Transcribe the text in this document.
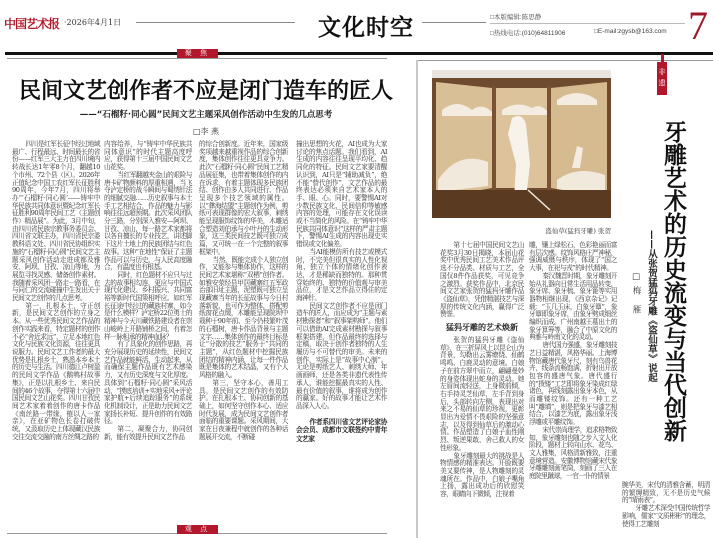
中国艺术报 ·2026年4月1日	文化时空	□本版编辑:陈思静
□热线电话:(010)64811906	□E-mail:zgysb@163.com 7
聚 焦
民间文艺创作者不应是闭门造车的匠人
——“石榴籽·同心圆”民间文艺主题采风创作活动中生发的几点思考
□李 燕

四川是红军长征中经过地域最广、行程最远、时间最长的省份——红军三大主力在四川境内转战长达1年零8个月，翻越10个市州、72个县（区）。2026年正值纪念中国工农红军长征胜利90周年，今年7月，四川将举办“‘石榴籽·同心圆’——铸牢中华民族共同体意识暨纪念红军长征胜利90周年民间工艺（主题创作）精品展”。为此，3月中旬，由四川省民族宗教事务委员会、四川省文联主办，四川省民宗委教科语文处、四川省民协组织实施的“石榴籽·同心圆”民间文艺主题采风创作活动走进成都及雅安、阿坝、甘孜、凉山等地，为展览寻找灵感、储备创作素材。我随着采风团一路走一路看，在与同仁的交流碰撞中生发出关于民间文艺创作的几点思考。

第一，扎根本土，守正创新，是民间文艺创作的立身之本。从一些优秀民间文艺作品的创作实践来看，特定题材的创作不必“舍近求远”，立足本地红色文化与民族文化资源，往往更具说服力。民间文艺工作者的最大优势是扎根乡土，熟悉本乡本土的历史与生活。四川德江卢树盈的民间文学作品《鹅鸭村故事集》，正是以扎根乡土、来自民间的46个故事，夺得第十六届中国民间文艺山花奖。四川甘孜民间艺术家着着创作的唐卡作品《南丝路一带缘，植以人一家亲》，在亚矿物色长卷打破传统，又汲取历史上体现藏汉民族交往交流交融的南方丝绸之路的

内容给养，与“铸牢中华民族共同体意识”的时代主题高度呼应，获得第十三届中国民间文艺山花奖。

当红军翻越夹金山的艰险与唐卡矿物颜料的厚重相遇，当飞夺泸定桥的战斗瞬间与蜀绣针法的细腻交融……历史叙事与本土手工艺相结合，作品的魅力与影响往往远超预期。此次采风团队分三路，分别深入雅安—阿坝、甘孜、凉山，每一路艺术家都将以各自擅长的专业技艺，讲述脚下这片土地上的民族团结与红色故事。这种“在地性”保证了主题作品可以与历史、与人民高度融合，有温度也有根基。

同时，红色题材不应只与过去的故事相勾连，更应与中国式现代化建设、乡村振兴、共同富裕等新时代国策相呼应。如红军长征途中经过的藏族村寨，如今是什么模样？泸定桥22位勇士的精神与今天川藏铁路建设者在崇山峻岭上开路铺桥之间，有着怎样一脉相承的精神血脉？

有了具象化的创作思路，再充分展现历史的延续性，民间文艺作品就能鲜活、生动起来，从而确保主题作品既有艺术感染力，又有历史深度与文化厚度。具体到“石榴籽·同心圆”采风活动，“摸底培训+实地采风+评论家护航+后续追踪服务”的系统化机制设计，正是助力民间文艺家扬长补短、提升创作的有效路径。

第二，凝聚合力，协同创新，能有效提升民间文艺作品

的综合创新度。近年来，国家级奖项越来越重视作品的综合创新度，集体创作往往更具竞争力。此次“石榴籽·同心圆”民间工艺精品展征集，也带着集体创作的内在诉求，有着主题体现多民族团结、创作由多人共同进行、作品呈现多个技艺领域的属性。以“彝海结盟”主题创作为例，剪纸可表现群像的宏大叙事，刺绣能呈现服饰纹饰的华美，木雕适合塑造刘伯承与小叶丹的生动形象，这三类民间技艺既可独立成篇，又可统一在一个完整的叙事框架中。

当然，既能完成个人独立创作，又能参与集体协作，这样的民间艺术家堪称“双栖”创作者。如雅安荥经县甲居藏寨红五军政治部旧址主题，泥塑既可独立呈现藏寨当年的长征故事与今日村落新貌，也可作为整体，搭配剪纸窗花点缀，木雕能呈现院坝中栽种于90年前、至今仍枝繁叶茂的石榴树，唐卡作品背景与主题文字……集体创作的最终目标是让“分散的技艺”服务于“共同的主题”，从红色题材中挖掘民族团结的精神内涵，让每一件作品既是集体的艺术结晶，又有个人风格的融入。

第三，坚守本心，善用工具，是民间文艺创作的有效防护。在扎根本土、协同创新的基础上，如何坚守创作本心、适应时代发展，成为民间文艺创作者面临的重要课题。采风期间，大家在日夜兼程中就创作的各种话题展开交流，不断碰

撞出思想的火花，AI也成为大家讨论的焦点话题。我们看到，AI生成的内容往往呈现平均化、趋同化的特征。民间文艺家要清醒认识到，AI只是“辅助减负”，绝不能“替代创作”，文艺作品的最终表达必须来自艺术家本人的手、眼、心。同时，要警惕AI对少数民族文化、民间信仰等敏感内容的处理，可能存在文化误读或不当简化的风险。在“铸牢中华民族共同体意识”这样的严肃主题下，警惕AI生成的内容出现史实错误或文化偏差。

当AI能模仿所有技艺或模式时，不完美但很真实的人性化视角、独立个体的情绪化创作表达，才是稀缺而独特的。那种贯穿始终的、独特的价值观与审美品位，才是文艺作品立得住的定海神针。

民间文艺创作者不应是闭门造车的匠人，而应成为“主题与素材勘探者”和“叙事架构师”。他们可以借助AI完成素材勘探与叙事框架搭建，但作品最终的选择与定稿，取决于创作者独特的人生履历与不可替代的审美。未来的创作，实际上是“故事中心制”。无论是剪纸艺人、刺绣大师、年画画师，还是各类非遗代表性传承人，谁能挖掘最真实的人性、最有价值的叙事，谁将成为创作的赢家。好的故事才能让艺术作品深入人心。

作者系四川省文艺评论家协会会员、成都市文联签约中青年文艺家

观 点
非遗
盗仙草(猛犸牙雕) 张贺

第十七届中国民间文艺山花奖3月30日揭晓，本届山花奖中优秀民间工艺美术作品评选不分品类、材质与工艺，全国仅8件作品获奖，可见竞争之激烈。获奖作品中，北京民间文艺家张贺的猛犸牙雕作品《盗仙草》，凭借精湛技艺与深厚的传统文化内涵，赢得广泛赞誉。

猛犸牙雕的艺术焕新

张贺的猛犸牙雕《盗仙草》，在三折屏风上以昆仑山为背景，勾勒出云雾缭绕、仙鹤鸣鸣、白鹿灵动的意境。白娘子在前方翠中而立，翩翩曼妙的身姿体现出蛇身的灵动。她左眉间流轻送，上身微前倾，右手持灵芝仙草，左手背到身后，头部转向左侧，表现出对来之不易的仙草的珍视，更彰显出为爱情不畏艰险的坚强意志，以及得到仙草后的激动心情。作品塑造了白娘子血性刚烈、叛逆果敢、舍己救人的女性形象。

象牙雕刻最大的挑战是人物情感的精准表达。开脸既要美又要传神，是人物雕刻的灵魂所在。作品中，白娘子嘴角上扬，露出成功后的欣慰笑容，眼睛向下微倾，注视着

雕，镶上绿松石，色彩艳丽而富有层次感。纹饰风格庄严神秘，强调威慑与秩序，体现了“国之大事，在祀与戎”的时代精神。

秦汉魏晋时期，象牙雕刻开始从礼器向日常生活用品转变，象牙席、象牙梳、象牙篦等实用器物相继出现，《西京杂记》记载：“玉几玉床，白象牙簟”，象牙簟即象牙席，由象牙劈成细丝编织而成。广州南越王墓出土的象牙算筹等，融合了中原文化的典雅与岭南文化的灵动。

唐代国力强盛，象牙雕刻技艺日益精湛，风格华丽。上海博物馆藏唐代象牙尺，刻有鸟兽花卉，线条流畅饱满，折射出开放包容的盛唐气象。唐代盛行的“拨镂”工艺即将象牙染成红绿诸色，再线刻露出象牙本色，从而雕镂纹饰。还有一种工艺叫“雕填”，则是把象牙与漆艺相结合，以漆艺为底，露出象牙浅浮雕或平雕纹饰。

宋代崇尚理学，追求格物致知，象牙雕刻也随之步入文人化阶段，题材上转向山水、花鸟、文人雅集，风格清新雅致，注重意境营造。安徽博物馆藏宋代象牙雕雕刻画笔筒，刻画了三人在庭院里蹴球，一官一仆的情景

牙雕艺术的历史流变与当代创新
——从张贺猛犸牙雕《盗仙草》说起
□梅 雁

腕华美，宋代的清雅含蓄，明清的繁缛精致，无不是历史气候的“晴雨表”。

牙雕艺术深受中国传统哲学影响，儒家“文质彬彬”的理念，使得工艺雕刻
